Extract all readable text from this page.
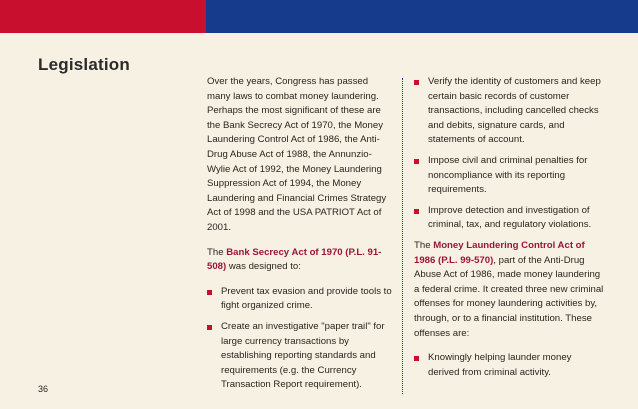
Legislation

Over the years, Congress has passed many laws to combat money laundering. Perhaps the most significant of these are the Bank Secrecy Act of 1970, the Money Laundering Control Act of 1986, the Anti-Drug Abuse Act of 1988, the Annunzio-Wylie Act of 1992, the Money Laundering Suppression Act of 1994, the Money Laundering and Financial Crimes Strategy Act of 1998 and the USA PATRIOT Act of 2001.

The Bank Secrecy Act of 1970 (P.L. 91-508) was designed to:

Prevent tax evasion and provide tools to fight organized crime.
Create an investigative "paper trail" for large currency transactions by establishing reporting standards and requirements (e.g. the Currency Transaction Report requirement).
Verify the identity of customers and keep certain basic records of customer transactions, including cancelled checks and debits, signature cards, and statements of account.
Impose civil and criminal penalties for noncompliance with its reporting requirements.
Improve detection and investigation of criminal, tax, and regulatory violations.

The Money Laundering Control Act of 1986 (P.L. 99-570), part of the Anti-Drug Abuse Act of 1986, made money laundering a federal crime. It created three new criminal offenses for money laundering activities by, through, or to a financial institution. These offenses are:

Knowingly helping launder money derived from criminal activity.
36
